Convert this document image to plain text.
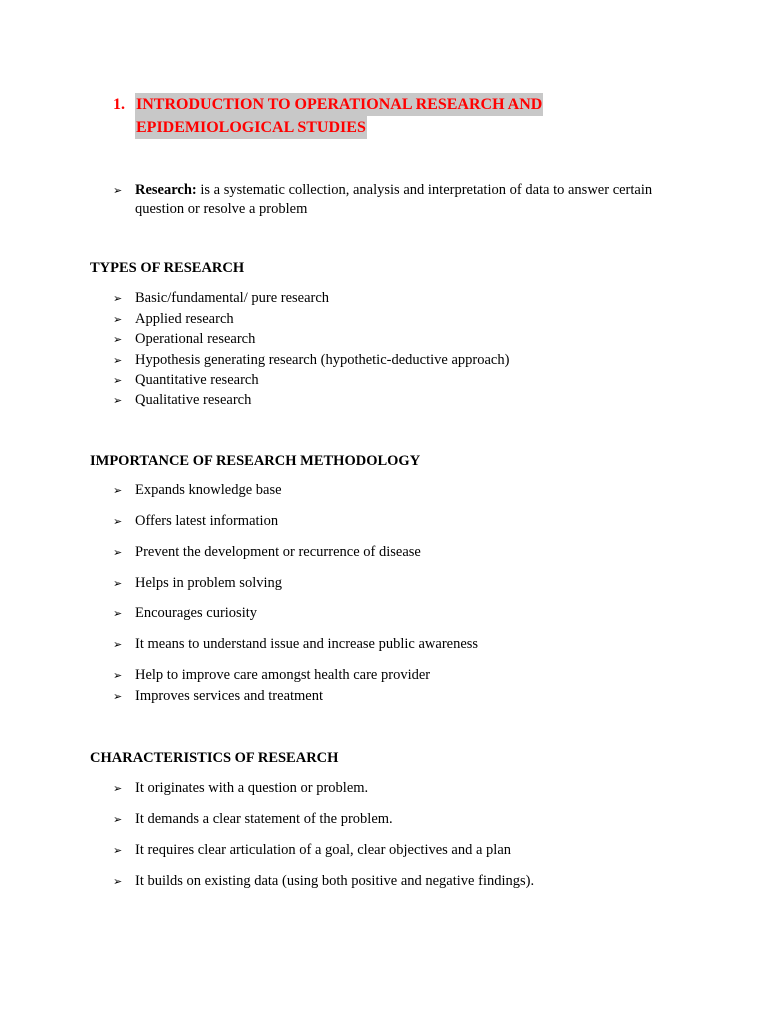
1. INTRODUCTION TO OPERATIONAL RESEARCH AND
EPIDEMIOLOGICAL STUDIES
➢ Research: is a systematic collection, analysis and interpretation of data to answer certain question or resolve a problem
TYPES OF RESEARCH
➢ Basic/fundamental/ pure research
➢ Applied research
➢ Operational research
➢ Hypothesis generating research (hypothetic-deductive approach)
➢ Quantitative research
➢ Qualitative research
IMPORTANCE OF RESEARCH METHODOLOGY
➢ Expands knowledge base
➢ Offers latest information
➢ Prevent the development or recurrence of disease
➢ Helps in problem solving
➢ Encourages curiosity
➢ It means to understand issue and increase public awareness
➢ Help to improve care amongst health care provider
➢ Improves services and treatment
CHARACTERISTICS OF RESEARCH
➢ It originates with a question or problem.
➢ It demands a clear statement of the problem.
➢ It requires clear articulation of a goal, clear objectives and a plan
➢ It builds on existing data (using both positive and negative findings).
